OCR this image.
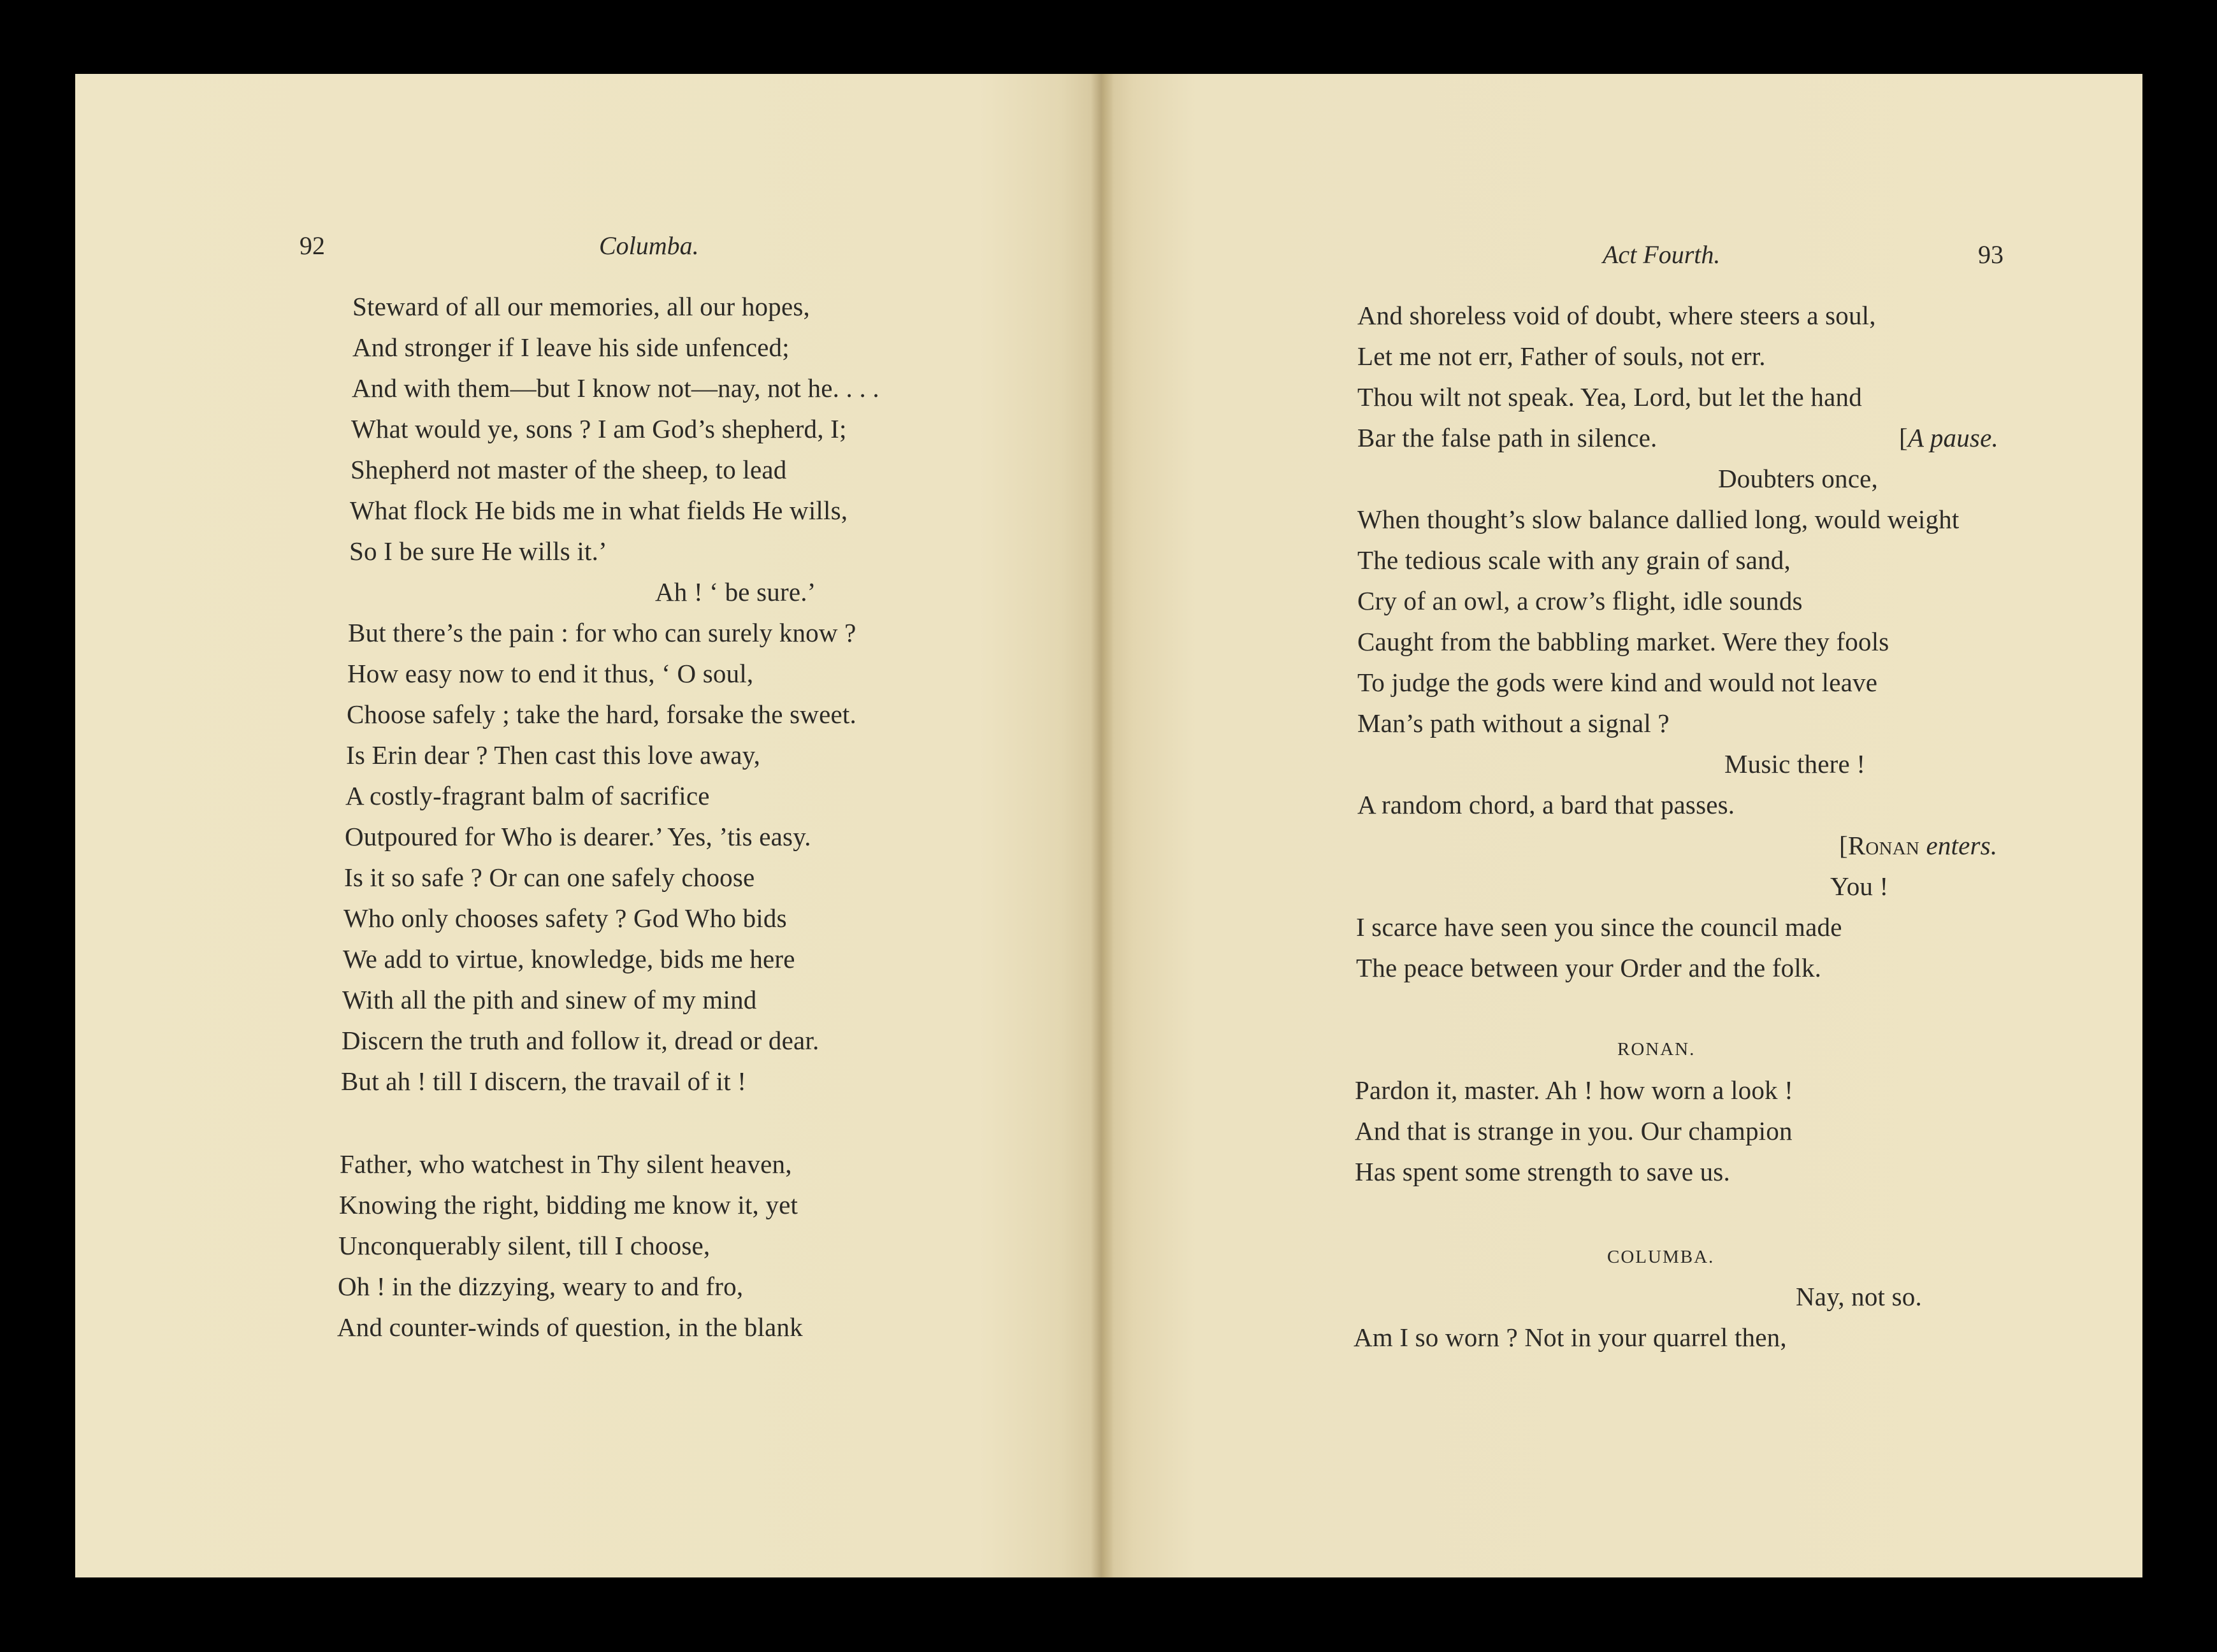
92	Columba.
Steward of all our memories, all our hopes,
And stronger if I leave his side unfenced;
And with them—but I know not—nay, not he. . . .
What would ye, sons ? I am God’s shepherd, I;
Shepherd not master of the sheep, to lead
What flock He bids me in what fields He wills,
So I be sure He wills it.’
Ah ! ‘ be sure.’
But there’s the pain : for who can surely know ?
How easy now to end it thus, ‘ O soul,
Choose safely ; take the hard, forsake the sweet.
Is Erin dear ? Then cast this love away,
A costly-fragrant balm of sacrifice
Outpoured for Who is dearer.’ Yes, ’tis easy.
Is it so safe ? Or can one safely choose
Who only chooses safety ? God Who bids
We add to virtue, knowledge, bids me here
With all the pith and sinew of my mind
Discern the truth and follow it, dread or dear.
But ah ! till I discern, the travail of it !
Father, who watchest in Thy silent heaven,
Knowing the right, bidding me know it, yet
Unconquerably silent, till I choose,
Oh ! in the dizzying, weary to and fro,
And counter-winds of question, in the blank
Act Fourth.	93
And shoreless void of doubt, where steers a soul,
Let me not err, Father of souls, not err.
Thou wilt not speak. Yea, Lord, but let the hand
Bar the false path in silence.	[A pause.
Doubters once,
When thought’s slow balance dallied long, would weight
The tedious scale with any grain of sand,
Cry of an owl, a crow’s flight, idle sounds
Caught from the babbling market. Were they fools
To judge the gods were kind and would not leave
Man’s path without a signal ?
Music there !
A random chord, a bard that passes.
[Ronan enters.
You !
I scarce have seen you since the council made
The peace between your Order and the folk.
RONAN.
Pardon it, master. Ah ! how worn a look !
And that is strange in you. Our champion
Has spent some strength to save us.
COLUMBA.
Nay, not so.
Am I so worn ? Not in your quarrel then,
